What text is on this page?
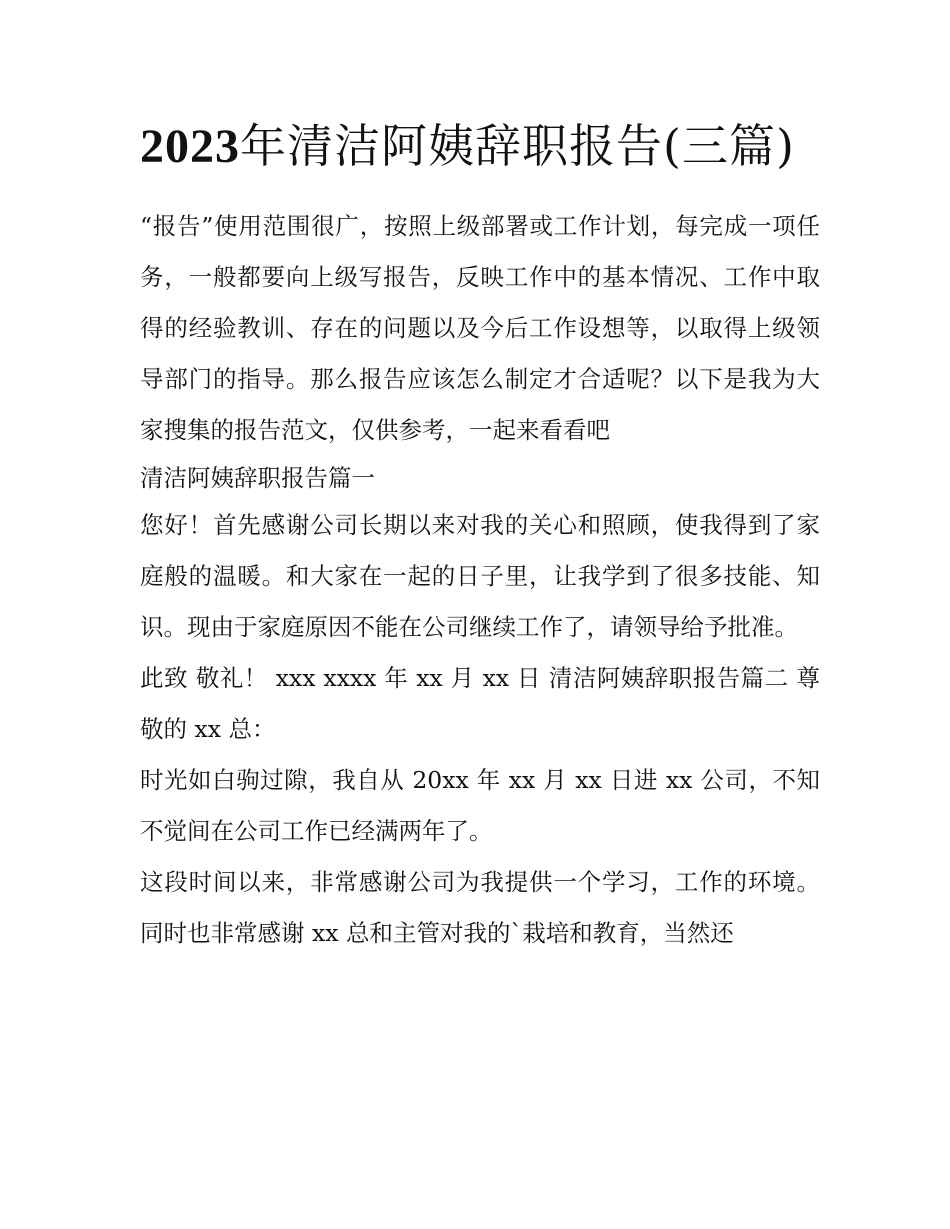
2023年清洁阿姨辞职报告(三篇)

“报告”使用范围很广，按照上级部署或工作计划，每完成一项任务，一般都要向上级写报告，反映工作中的基本情况、工作中取得的经验教训、存在的问题以及今后工作设想等，以取得上级领导部门的指导。那么报告应该怎么制定才合适呢？以下是我为大家搜集的报告范文，仅供参考，一起来看看吧

清洁阿姨辞职报告篇一

您好！首先感谢公司长期以来对我的关心和照顾，使我得到了家庭般的温暖。和大家在一起的日子里，让我学到了很多技能、知识。现由于家庭原因不能在公司继续工作了，请领导给予批准。

此致 敬礼！ xxx xxxx 年 xx 月 xx 日 清洁阿姨辞职报告篇二 尊敬的 xx 总：

时光如白驹过隙，我自从 20xx 年 xx 月 xx 日进 xx 公司，不知不觉间在公司工作已经满两年了。

这段时间以来，非常感谢公司为我提供一个学习，工作的环境。同时也非常感谢 xx 总和主管对我的`栽培和教育，当然还
